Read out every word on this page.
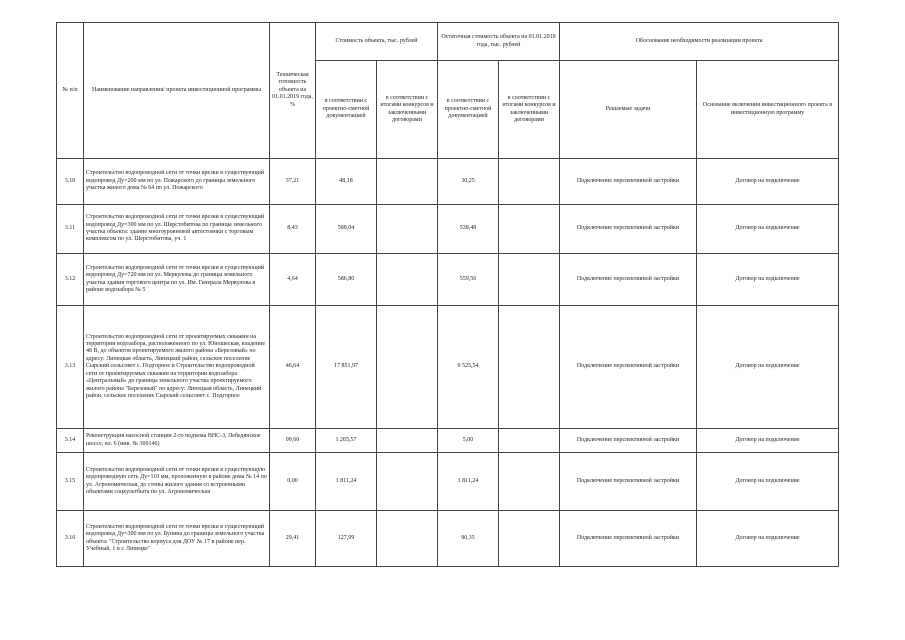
№ п/п	Наименование направления/ проекта инвестиционной программы	Техническая готовность объекта на 01.01.2019 года, %	Стоимость объекта, тыс. рублей		Остаточная стоимость объекта на 01.01.2019 года, тыс. рублей		Обоснование необходимости реализации проекта	
			в соответствии с проектно-сметной документацией	в соответствии с итогами конкурсов и заключенными договорами	в соответствии с проектно-сметной документацией	в соответствии с итогами конкурсов и заключенными договорами	Решаемые задачи	Основание включения инвестиционного проекта в инвестиционную программу

3.10	Строительство водопроводной сети от точки врезки в существующий водопровод Ду=200 мм по ул. Пожарского до границы земельного участка жилого дома № 64 по ул. Пожарского	37,21	48,18		30,25		Подключение перспективной застройки	Договор на подключение
3.11	Строительство водопроводной сети от точки врезки в существующий водопровод Ду=300 мм по ул. Шерстобитова по границы земельного участка объекта: здание многоуровневой автостоянки с торговым комплексом по ул. Шерстобитова, уч. 1	8,43	588,04		538,48		Подключение перспективной застройки	Договор на подключение
3.12	Строительство водопроводной сети от точки врезки в существующий водопровод Ду=720 мм по ул. Меркулова до границы земельного участка здания торгового центра по ул. Им. Генерала Меркулова в районе водозабора № 5	4,64	586,80		559,56		Подключение перспективной застройки	Договор на подключение
3.13	Строительство водопроводной сети от проектируемых скважин на территории водозабора, расположенного по ул. Юношеская, владение 48 В, до объектов проектируемого жилого района «Березовый» по адресу: Липецкая область, Липецкий район, сельское поселение Сырский сельсовет с. Подгорное и Строительство водопроводной сети от проектируемых скважин на территории водозабора «Центральный» до границы земельного участка проектируемого жилого района "Березовый" по адресу: Липецкая область, Липецкий район, сельское поселение Сырский сельсовет с. Подгорное	46,64	17 851,97		9 525,54		Подключение перспективной застройки	Договор на подключение
3.14	Реконструкция насосной станции 2-го подъема ВНС-3, Лебедянское шоссе, вл. 6 (инв. № 300146)	99,60	1 265,57		5,00		Подключение перспективной застройки	Договор на подключение
3.15	Строительство водопроводной сети от точки врезки в существующую водопроводную сеть Ду=110 мм, проложенную в районе дома № 14 по ул. Агрономическая, до стены жилого здания со встроенными объектами соцкультбыта по ул. Агрономическая	0,00	1 811,24		1 811,24		Подключение перспективной застройки	Договор на подключение
3.16	Строительство водопроводной сети от точки врезки в существующий водопровод Ду=300 мм по ул. Бунина до границы земельного участка объекта: "Строительство корпуса для ДОУ № 17 в районе пер. Учебный, 1 в г. Липецке"	29,41	127,99		90,35		Подключение перспективной застройки	Договор на подключение
